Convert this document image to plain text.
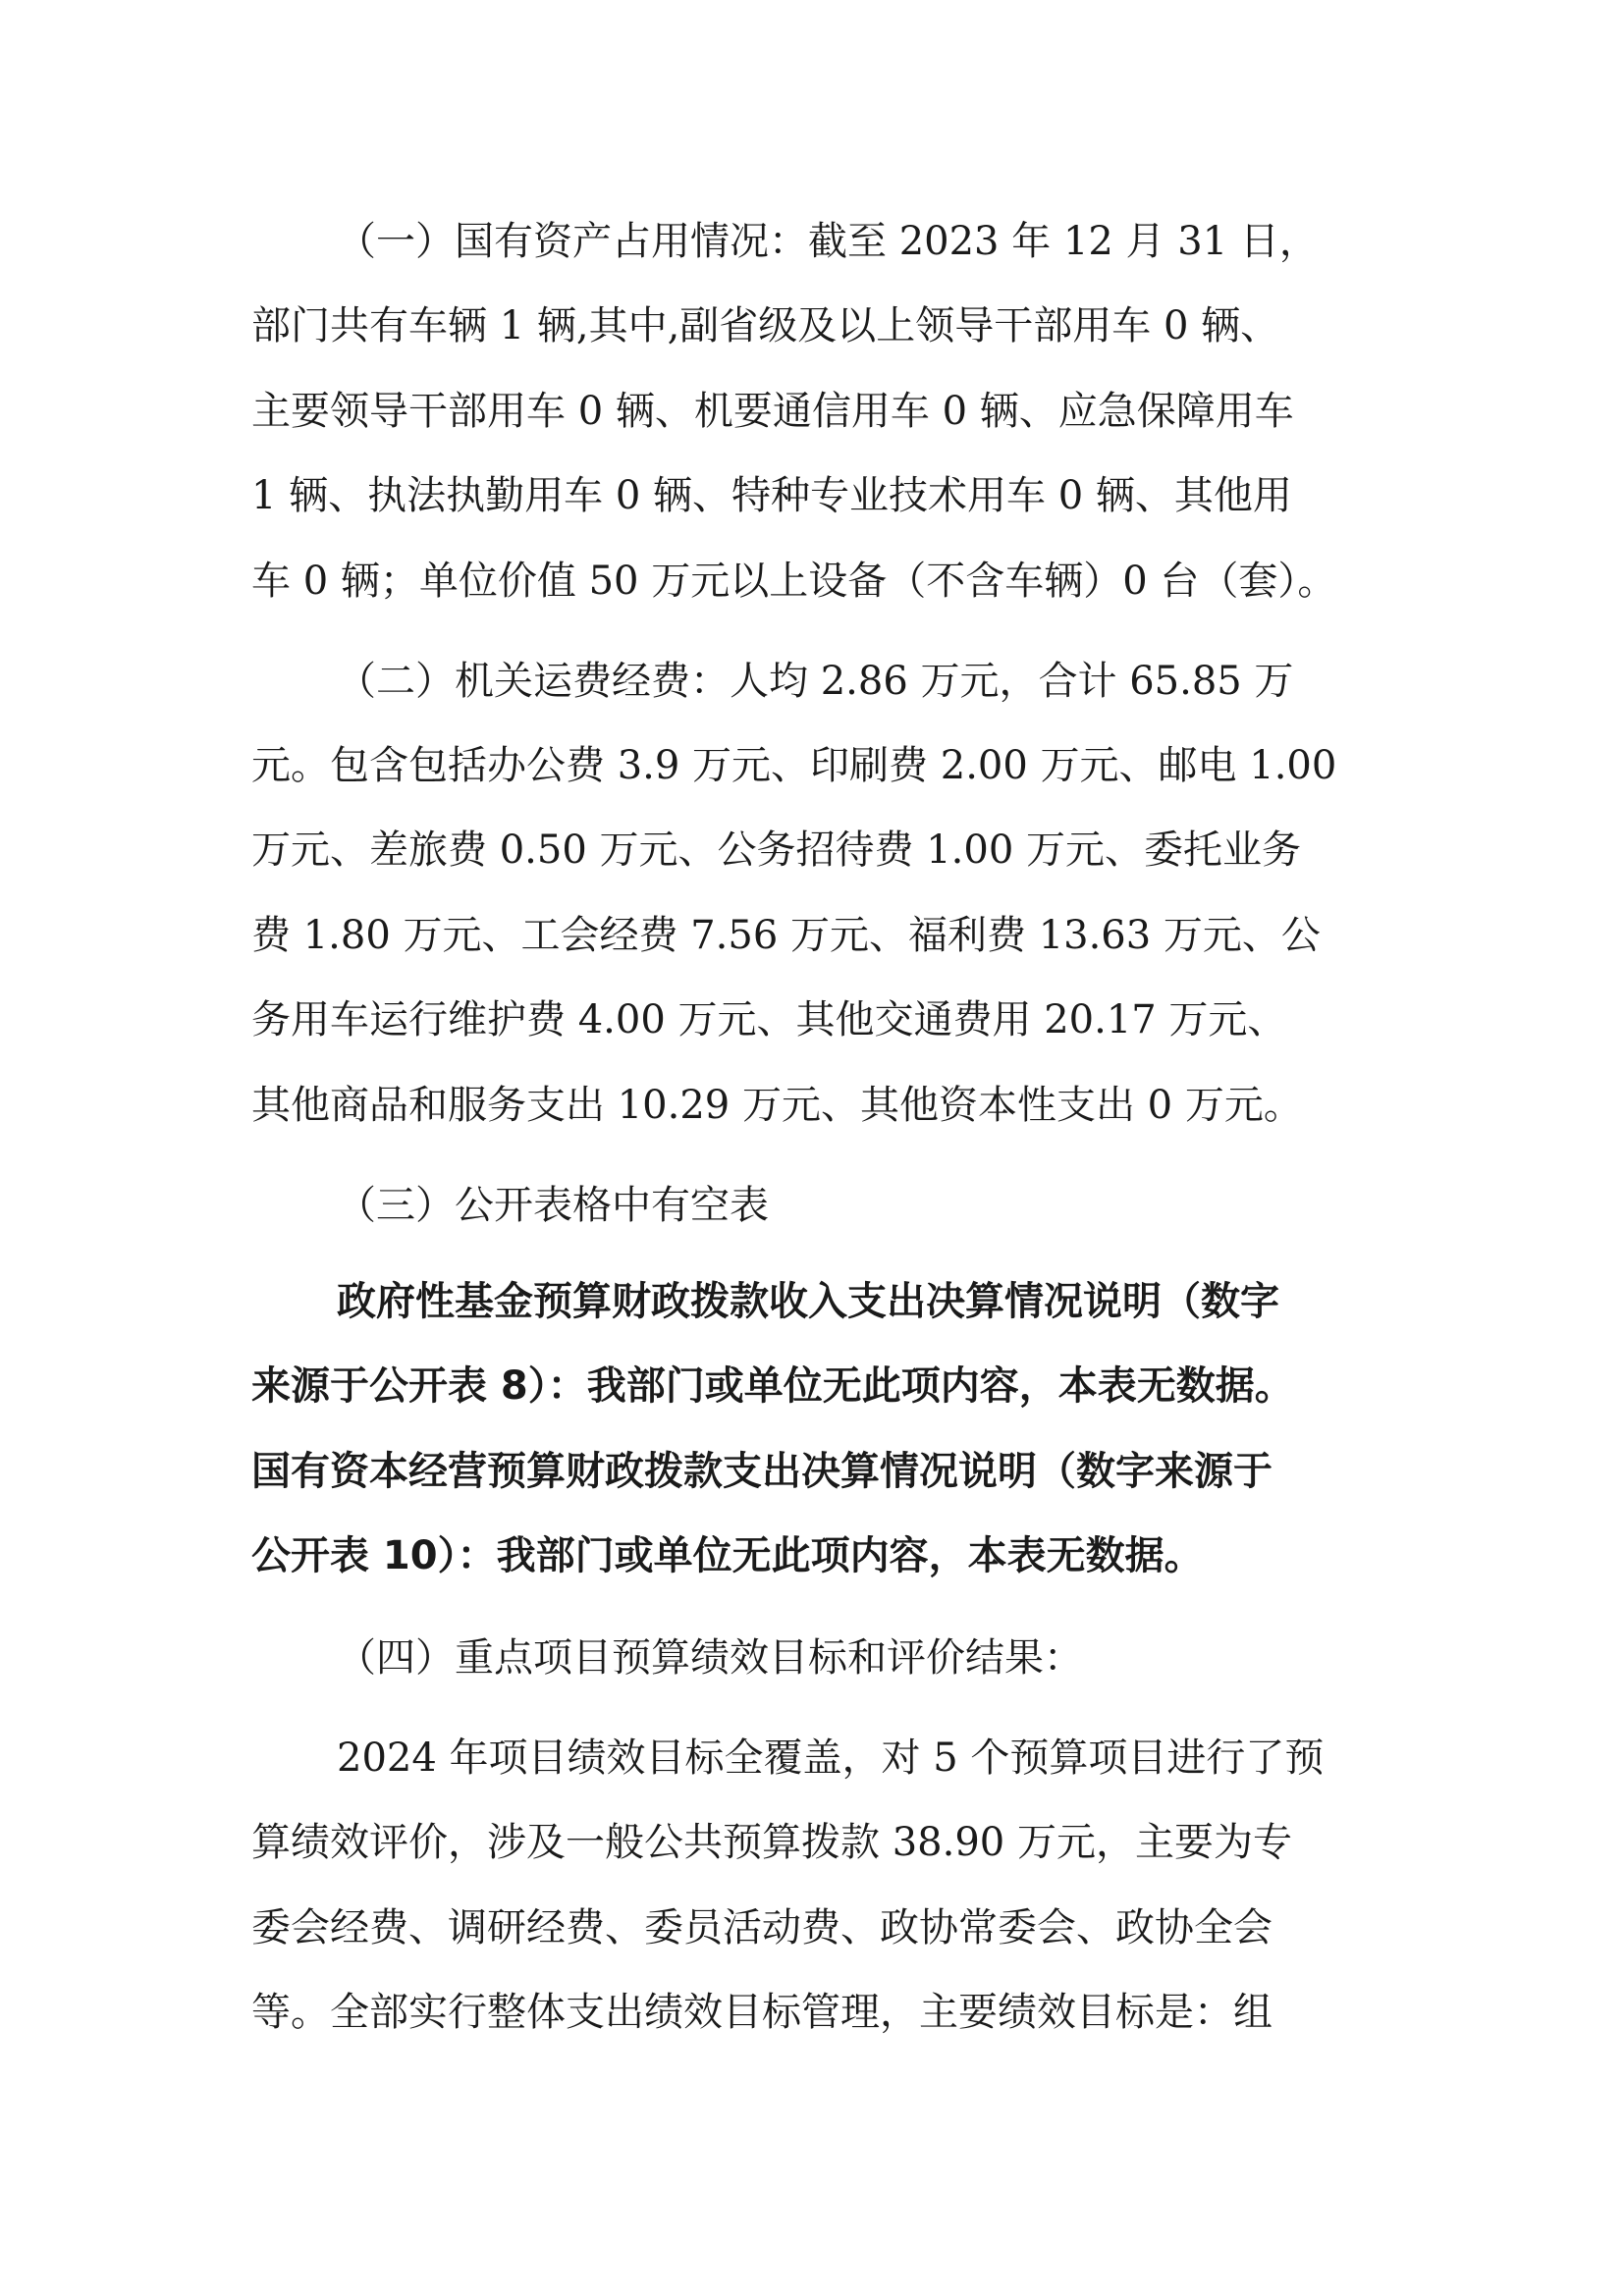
（一）国有资产占用情况：截至 2023 年 12 月 31 日，
部门共有车辆 1 辆,其中,副省级及以上领导干部用车 0 辆、
主要领导干部用车 0 辆、机要通信用车 0 辆、应急保障用车
1 辆、执法执勤用车 0 辆、特种专业技术用车 0 辆、其他用
车 0 辆；单位价值 50 万元以上设备（不含车辆）0 台（套）。
（二）机关运费经费：人均 2.86 万元，合计 65.85 万
元。包含包括办公费 3.9 万元、印刷费 2.00 万元、邮电 1.00
万元、差旅费 0.50 万元、公务招待费 1.00 万元、委托业务
费 1.80 万元、工会经费 7.56 万元、福利费 13.63 万元、公
务用车运行维护费 4.00 万元、其他交通费用 20.17 万元、
其他商品和服务支出 10.29 万元、其他资本性支出 0 万元。
（三）公开表格中有空表
政府性基金预算财政拨款收入支出决算情况说明（数字
来源于公开表 8）：我部门或单位无此项内容，本表无数据。
国有资本经营预算财政拨款支出决算情况说明（数字来源于
公开表 10）：我部门或单位无此项内容，本表无数据。
（四）重点项目预算绩效目标和评价结果：
2024 年项目绩效目标全覆盖，对 5 个预算项目进行了预
算绩效评价，涉及一般公共预算拨款 38.90 万元，主要为专
委会经费、调研经费、委员活动费、政协常委会、政协全会
等。全部实行整体支出绩效目标管理，主要绩效目标是：组
